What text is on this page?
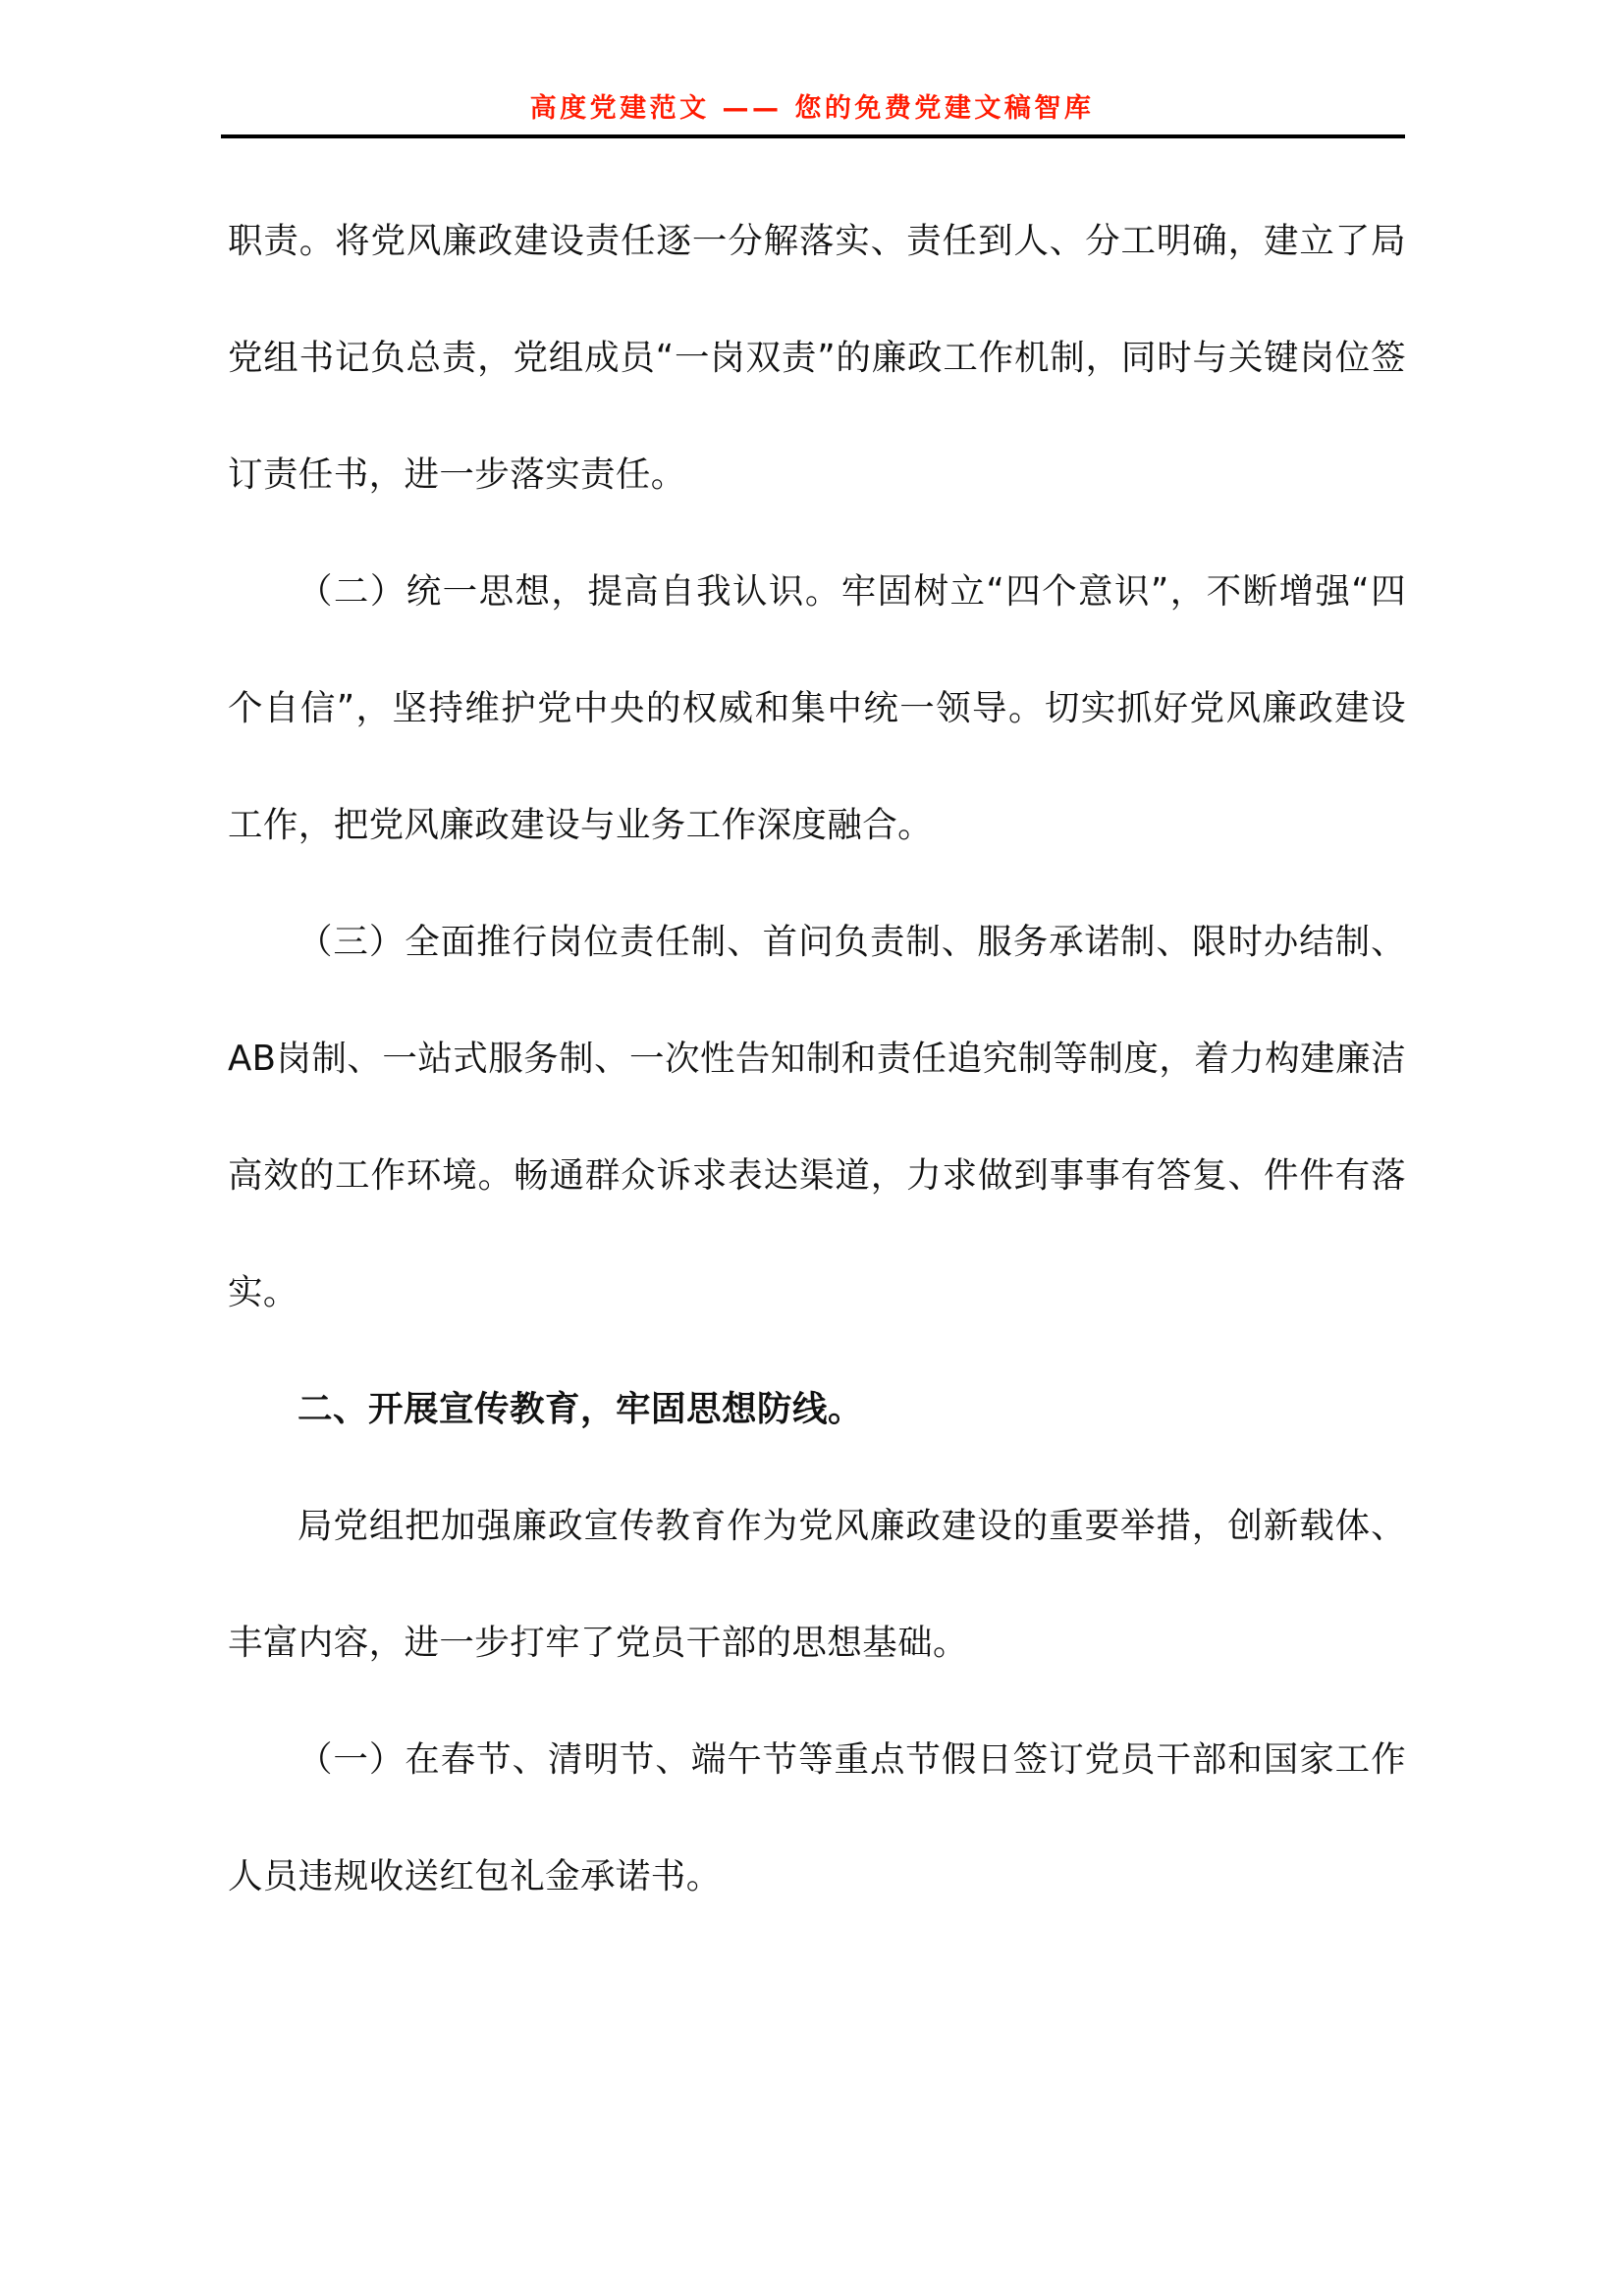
高度党建范文 —— 您的免费党建文稿智库

职责。将党风廉政建设责任逐一分解落实、责任到人、分工明确，建立了局党组书记负总责，党组成员“一岗双责”的廉政工作机制，同时与关键岗位签订责任书，进一步落实责任。

（二）统一思想，提高自我认识。牢固树立“四个意识”，不断增强“四个自信”，坚持维护党中央的权威和集中统一领导。切实抓好党风廉政建设工作，把党风廉政建设与业务工作深度融合。

（三）全面推行岗位责任制、首问负责制、服务承诺制、限时办结制、AB岗制、一站式服务制、一次性告知制和责任追究制等制度，着力构建廉洁高效的工作环境。畅通群众诉求表达渠道，力求做到事事有答复、件件有落实。

二、开展宣传教育，牢固思想防线。

局党组把加强廉政宣传教育作为党风廉政建设的重要举措，创新载体、丰富内容，进一步打牢了党员干部的思想基础。

（一）在春节、清明节、端午节等重点节假日签订党员干部和国家工作人员违规收送红包礼金承诺书。
